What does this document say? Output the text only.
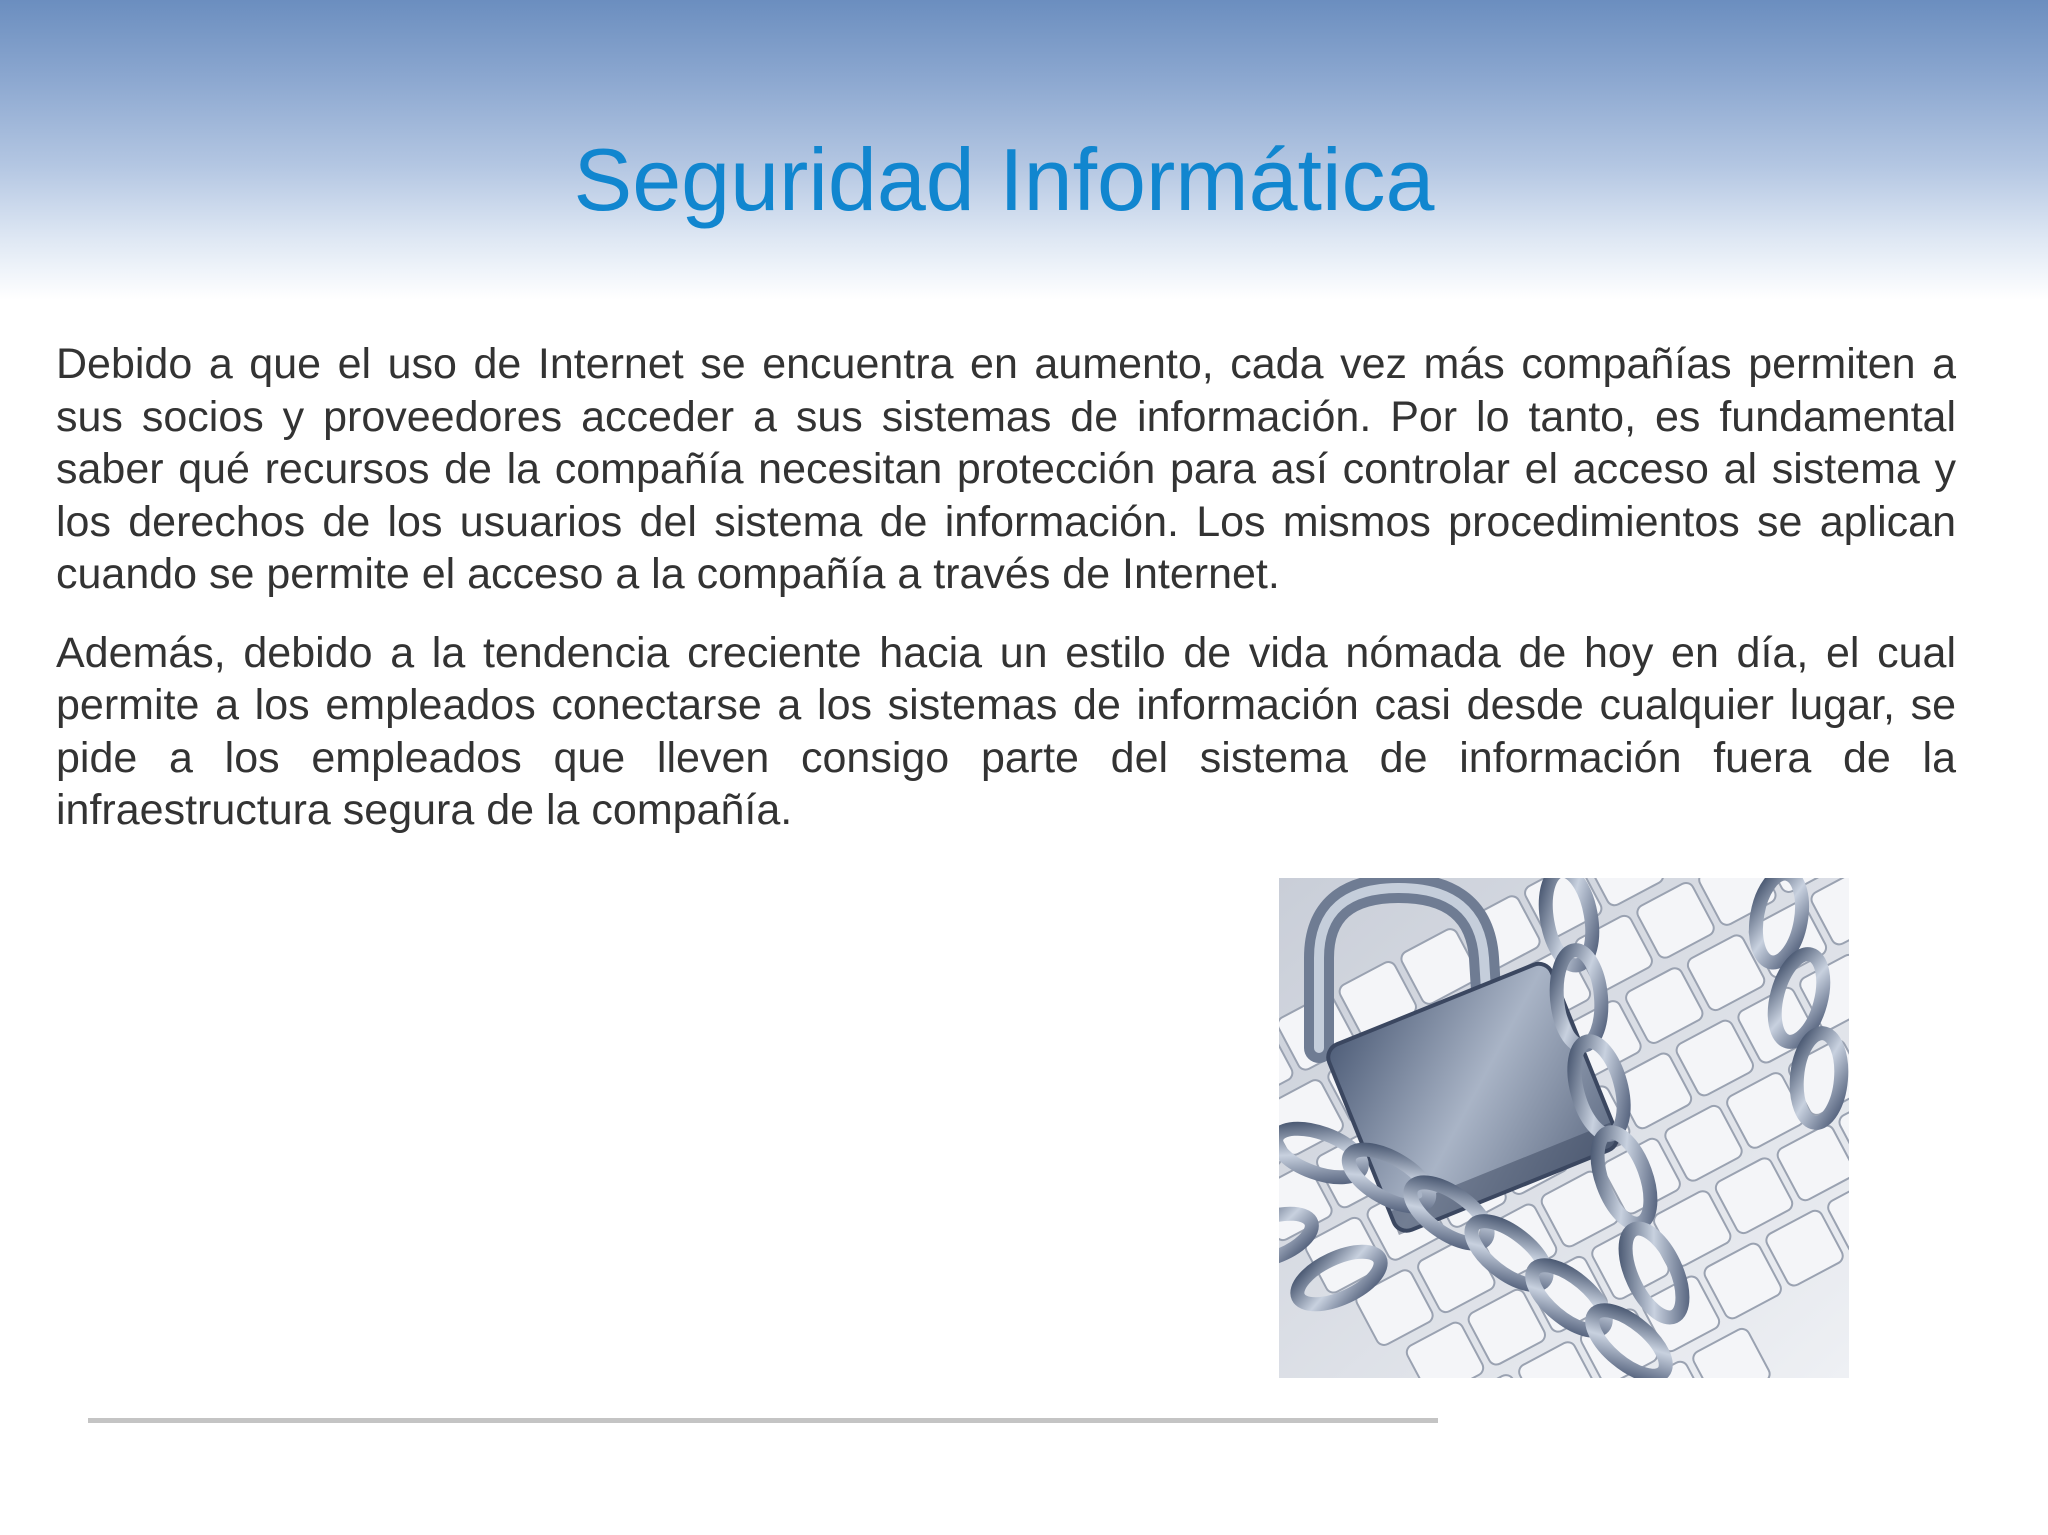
Seguridad Informática

Debido a que el uso de Internet se encuentra en aumento, cada vez más compañías permiten a sus socios y proveedores acceder a sus sistemas de información. Por lo tanto, es fundamental saber qué recursos de la compañía necesitan protección para así controlar el acceso al sistema y los derechos de los usuarios del sistema de información. Los mismos procedimientos se aplican cuando se permite el acceso a la compañía a través de Internet.

Además, debido a la tendencia creciente hacia un estilo de vida nómada de hoy en día, el cual permite a los empleados conectarse a los sistemas de información casi desde cualquier lugar, se pide a los empleados que lleven consigo parte del sistema de información fuera de la infraestructura segura de la compañía.
